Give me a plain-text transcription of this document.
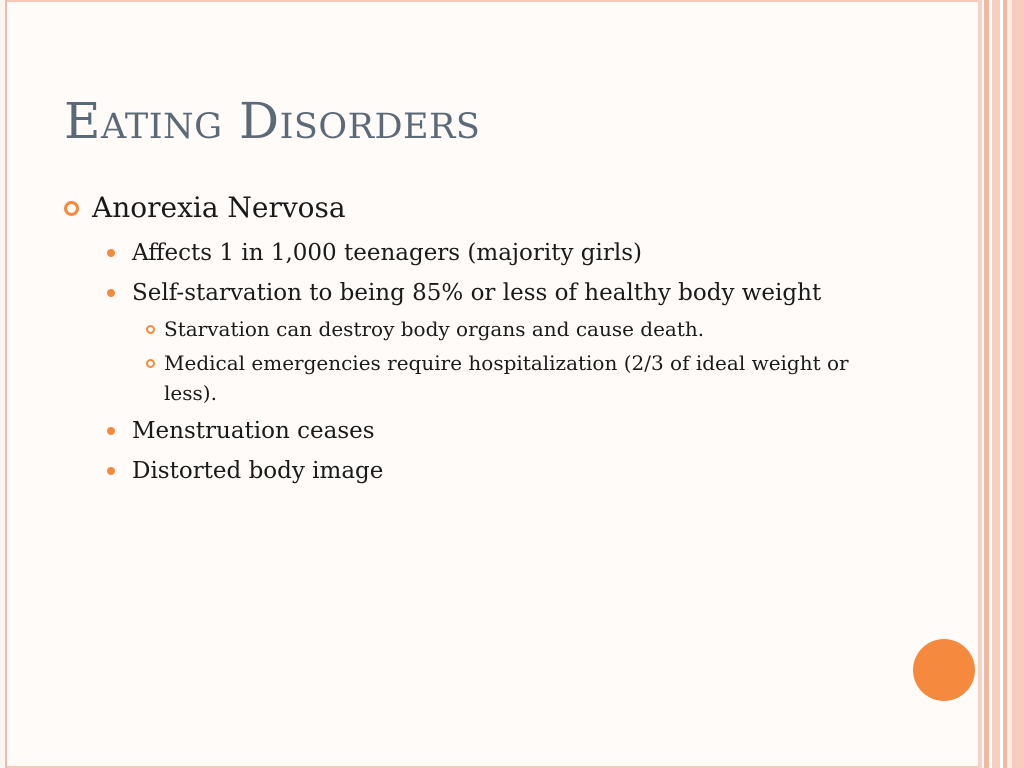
Eating Disorders
Anorexia Nervosa
Affects 1 in 1,000 teenagers (majority girls)
Self-starvation to being 85% or less of healthy body weight
Starvation can destroy body organs and cause death.
Medical emergencies require hospitalization (2/3 of ideal weight or less).
Menstruation ceases
Distorted body image
